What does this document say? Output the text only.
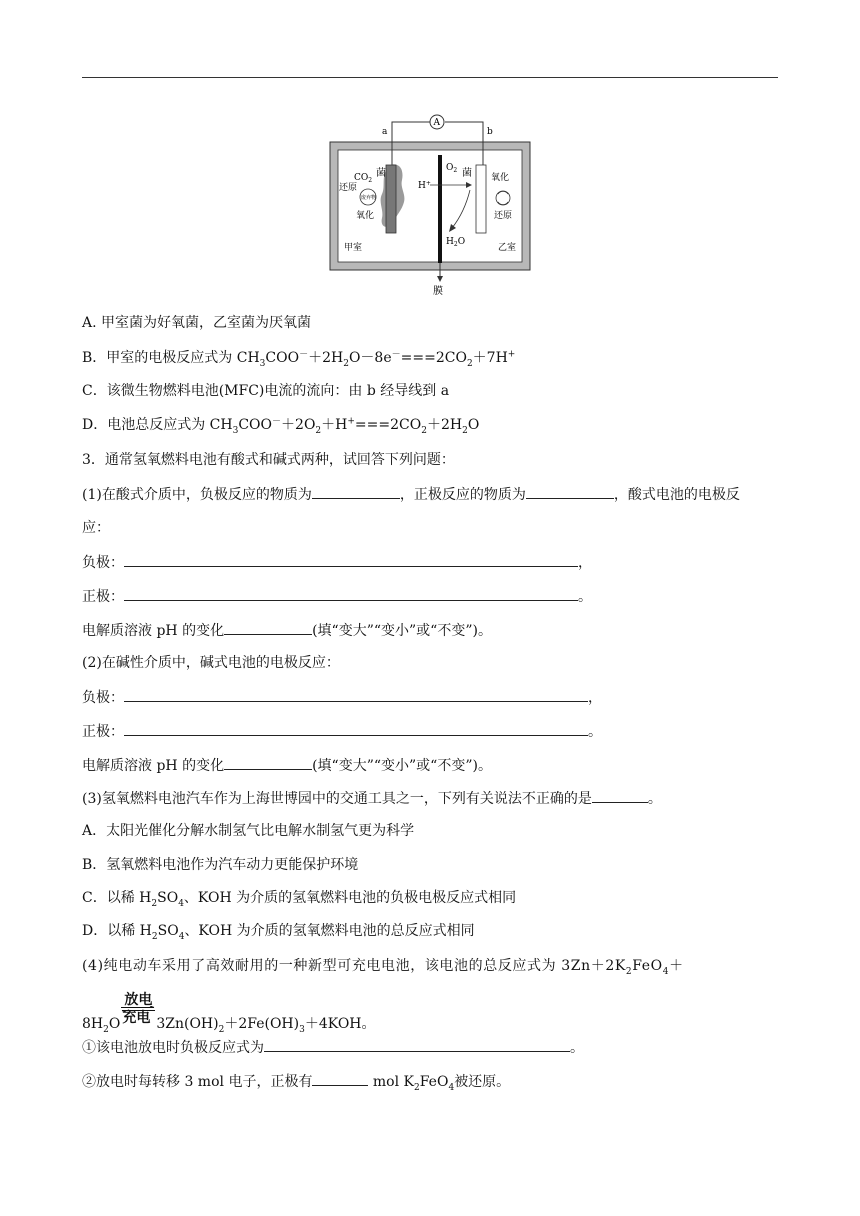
A
a	b
膜
$CO_2$
菌
还原
废弃物
氧化
甲室
H+
$O_2$ 菌
$H_2O$
氧化
还原
乙室
A. 甲室菌为好氧菌，乙室菌为厌氧菌
B．甲室的电极反应式为 $CH_3COO^-+2H_2O-8e^-===2CO_2+7H^+$
C．该微生物燃料电池(MFC)电流的流向：由 b 经导线到 a
D．电池总反应式为 $CH_3COO^-+2O_2+H^+===2CO_2+2H_2O$
3．通常氢氧燃料电池有酸式和碱式两种，试回答下列问题：
(1)在酸式介质中，负极反应的物质为	，正极反应的物质为	，酸式电池的电极反
应：
负极：	，
正极：	。
电解质溶液 pH 的变化	(填“变大”“变小”或“不变”)。
(2)在碱性介质中，碱式电池的电极反应：
负极：	，
正极：	。
电解质溶液 pH 的变化	(填“变大”“变小”或“不变”)。
(3)氢氧燃料电池汽车作为上海世博园中的交通工具之一，下列有关说法不正确的是	。
A．太阳光催化分解水制氢气比电解水制氢气更为科学
B．氢氧燃料电池作为汽车动力更能保护环境
C．以稀 $H_2SO_4$、KOH 为介质的氢氧燃料电池的负极电极反应式相同
D．以稀 $H_2SO_4$、KOH 为介质的氢氧燃料电池的总反应式相同
(4)纯电动车采用了高效耐用的一种新型可充电电池，该电池的总反应式为 $3Zn+2K_2FeO_4+$
$8H_2O$
放电
充电 $3Zn(OH)_2+2Fe(OH)_3+4KOH$。
①该电池放电时负极反应式为	。
②放电时每转移 3 mol 电子，正极有	mol $K_2FeO_4$被还原。
